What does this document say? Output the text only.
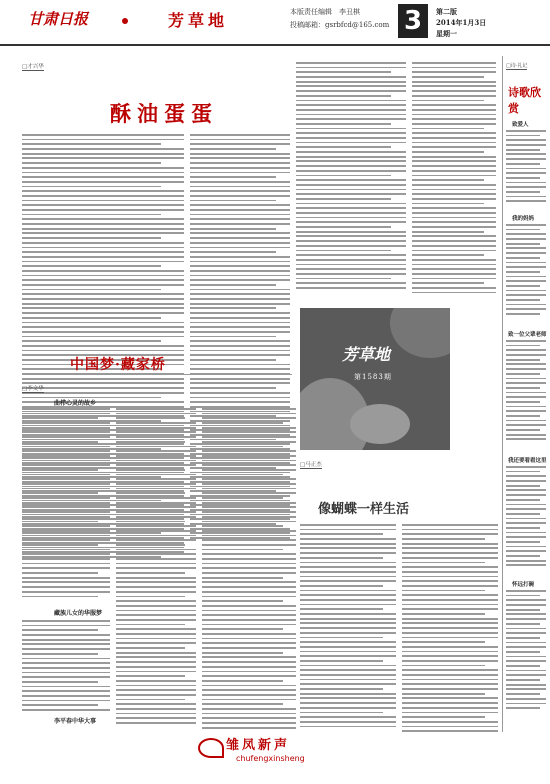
甘肃日报	芳草地	本版责任编辑　李丑棋
投稿邮箱：gsrbfcd@165.com 3	第二版
2014年1月3日
星期一
□才兴华
酥油蛋蛋
中国梦·藏家桥
□李文华
曲栉心灵的故乡
藏族儿女的华服梦
李平春中华大事
芳草地
第1583期
□马正杰
像蝴蝶一样生活
□诗·礼记
诗歌欣赏
致爱人
我的妈妈
致一位父辈老师
我还要看看这里
怀远打碗
雏凤新声
chufengxinsheng
